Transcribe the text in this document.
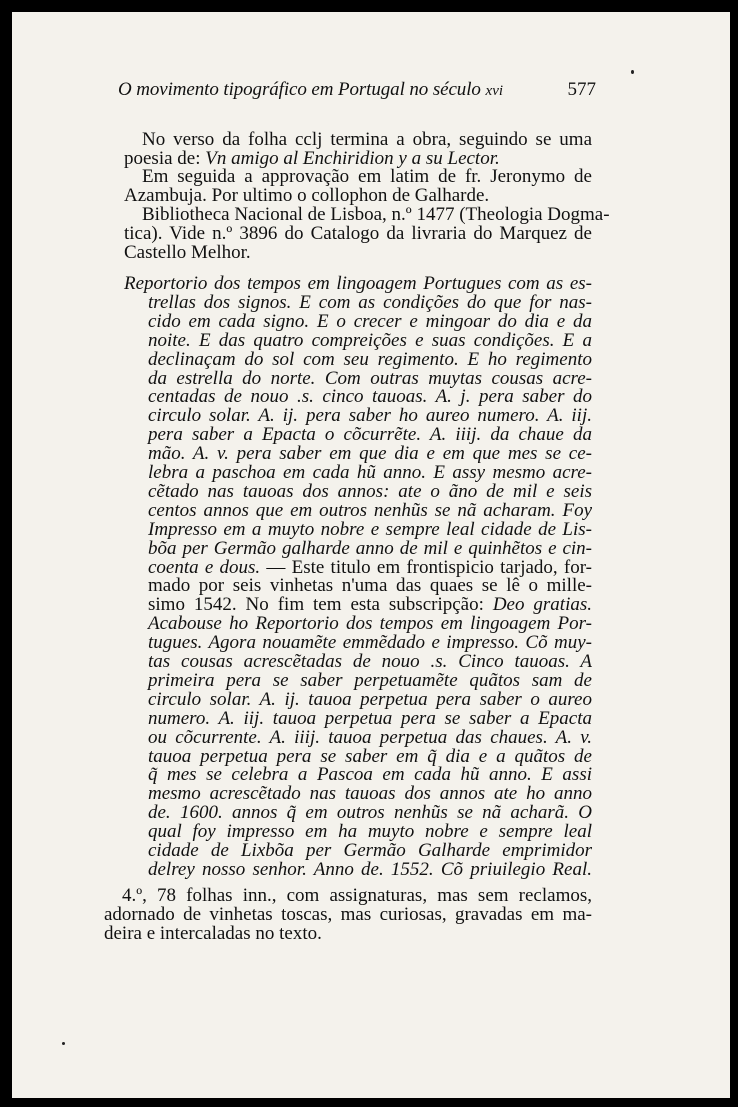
O movimento tipográfico em Portugal no século xvi	577
No verso da folha cclj termina a obra, seguindo se uma
poesia de: Vn amigo al Enchiridion y a su Lector.
Em seguida a approvação em latim de fr. Jeronymo de
Azambuja. Por ultimo o collophon de Galharde.
Bibliotheca Nacional de Lisboa, n.º 1477 (Theologia Dogma-
tica). Vide n.º 3896 do Catalogo da livraria do Marquez de
Castello Melhor.
Reportorio dos tempos em lingoagem Portugues com as es-
trellas dos signos. E com as condições do que for nas-
cido em cada signo. E o crecer e mingoar do dia e da
noite. E das quatro compreições e suas condições. E a
declinaçam do sol com seu regimento. E ho regimento
da estrella do norte. Com outras muytas cousas acre-
centadas de nouo .s. cinco tauoas. A. j. pera saber do
circulo solar. A. ij. pera saber ho aureo numero. A. iij.
pera saber a Epacta o cõcurrẽte. A. iiij. da chaue da
mão. A. v. pera saber em que dia e em que mes se ce-
lebra a paschoa em cada hũ anno. E assy mesmo acre-
cẽtado nas tauoas dos annos: ate o ãno de mil e seis
centos annos que em outros nenhũs se nã acharam. Foy
Impresso em a muyto nobre e sempre leal cidade de Lis-
bõa per Germão galharde anno de mil e quinhẽtos e cin-
coenta e dous. — Este titulo em frontispicio tarjado, for-
mado por seis vinhetas n'uma das quaes se lê o mille-
simo 1542. No fim tem esta subscripção: Deo gratias.
Acabouse ho Reportorio dos tempos em lingoagem Por-
tugues. Agora nouamẽte emmẽdado e impresso. Cõ muy-
tas cousas acrescẽtadas de nouo .s. Cinco tauoas. A
primeira pera se saber perpetuamẽte quãtos sam de
circulo solar. A. ij. tauoa perpetua pera saber o aureo
numero. A. iij. tauoa perpetua pera se saber a Epacta
ou cõcurrente. A. iiij. tauoa perpetua das chaues. A. v.
tauoa perpetua pera se saber em q̃ dia e a quãtos de
q̃ mes se celebra a Pascoa em cada hũ anno. E assi
mesmo acrescẽtado nas tauoas dos annos ate ho anno
de. 1600. annos q̃ em outros nenhũs se nã acharã. O
qual foy impresso em ha muyto nobre e sempre leal
cidade de Lixbõa per Germão Galharde emprimidor
delrey nosso senhor. Anno de. 1552. Cõ priuilegio Real.
4.º, 78 folhas inn., com assignaturas, mas sem reclamos,
adornado de vinhetas toscas, mas curiosas, gravadas em ma-
deira e intercaladas no texto.
